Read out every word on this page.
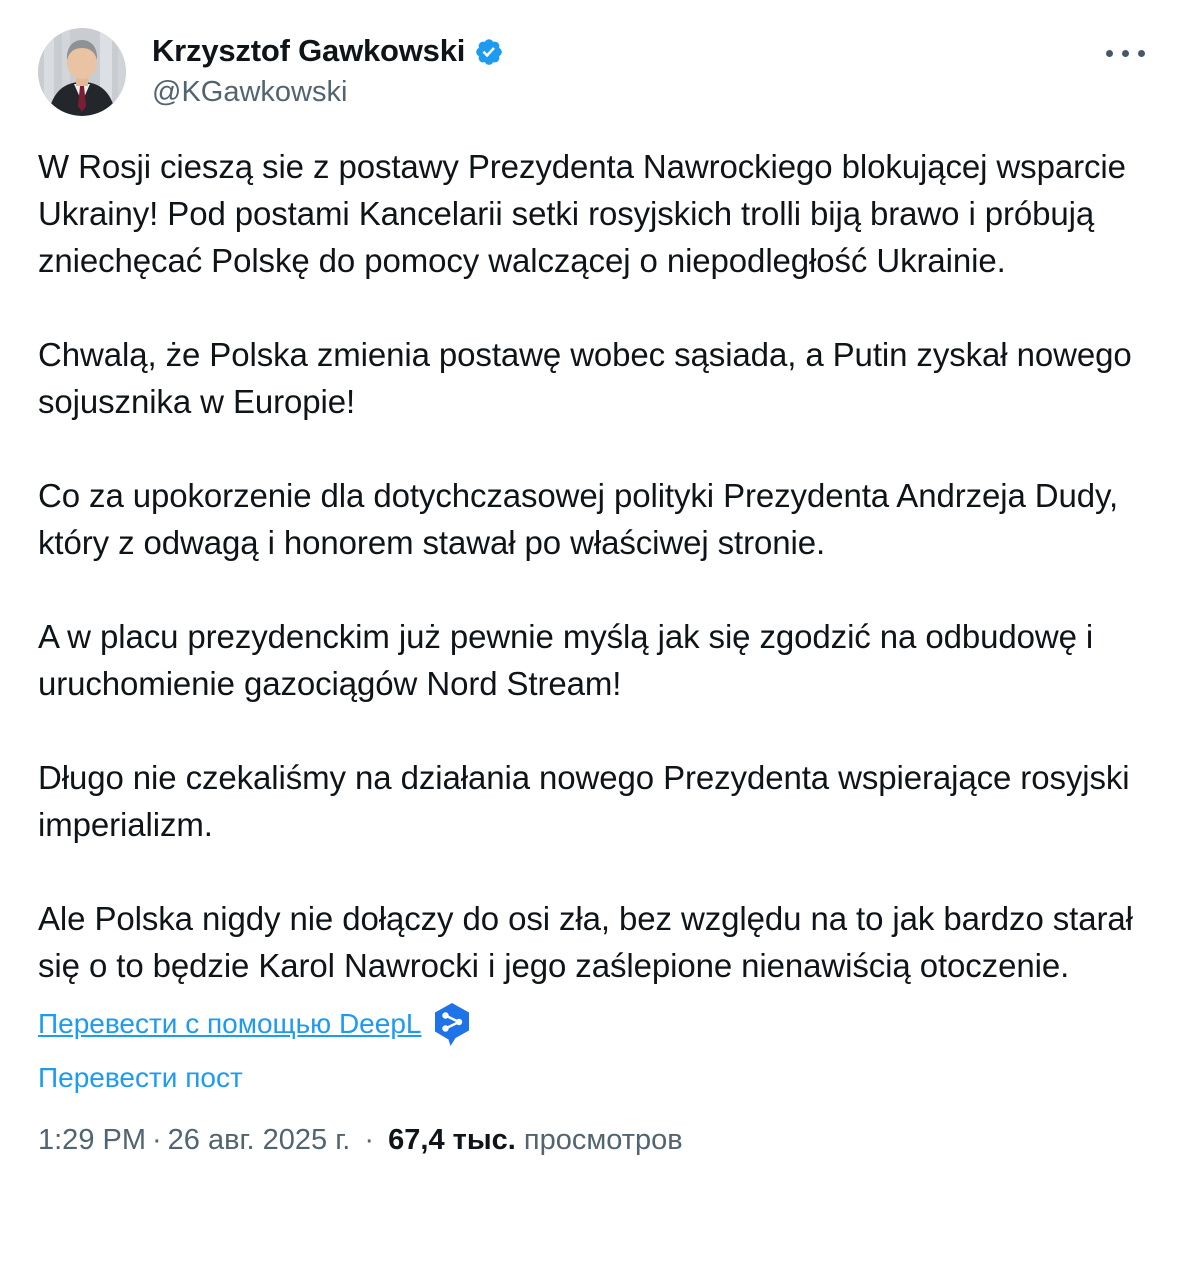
Krzysztof Gawkowski
@KGawkowski

W Rosji cieszą sie z postawy Prezydenta Nawrockiego blokującej wsparcie Ukrainy! Pod postami Kancelarii setki rosyjskich trolli biją brawo i próbują zniechęcać Polskę do pomocy walczącej o niepodległość Ukrainie.

Chwalą, że Polska zmienia postawę wobec sąsiada, a Putin zyskał nowego sojusznika w Europie!

Co za upokorzenie dla dotychczasowej polityki Prezydenta Andrzeja Dudy, który z odwagą i honorem stawał po właściwej stronie.

A w placu prezydenckim już pewnie myślą jak się zgodzić na odbudowę i uruchomienie gazociągów Nord Stream!

Długo nie czekaliśmy na działania nowego Prezydenta wspierające rosyjski imperializm.

Ale Polska nigdy nie dołączy do osi zła, bez względu na to jak bardzo starał się o to będzie Karol Nawrocki i jego zaślepione nienawiścią otoczenie.

Перевести с помощью DeepL
Перевести пост
1:29 PM · 26 авг. 2025 г. · 67,4 тыс. просмотров
